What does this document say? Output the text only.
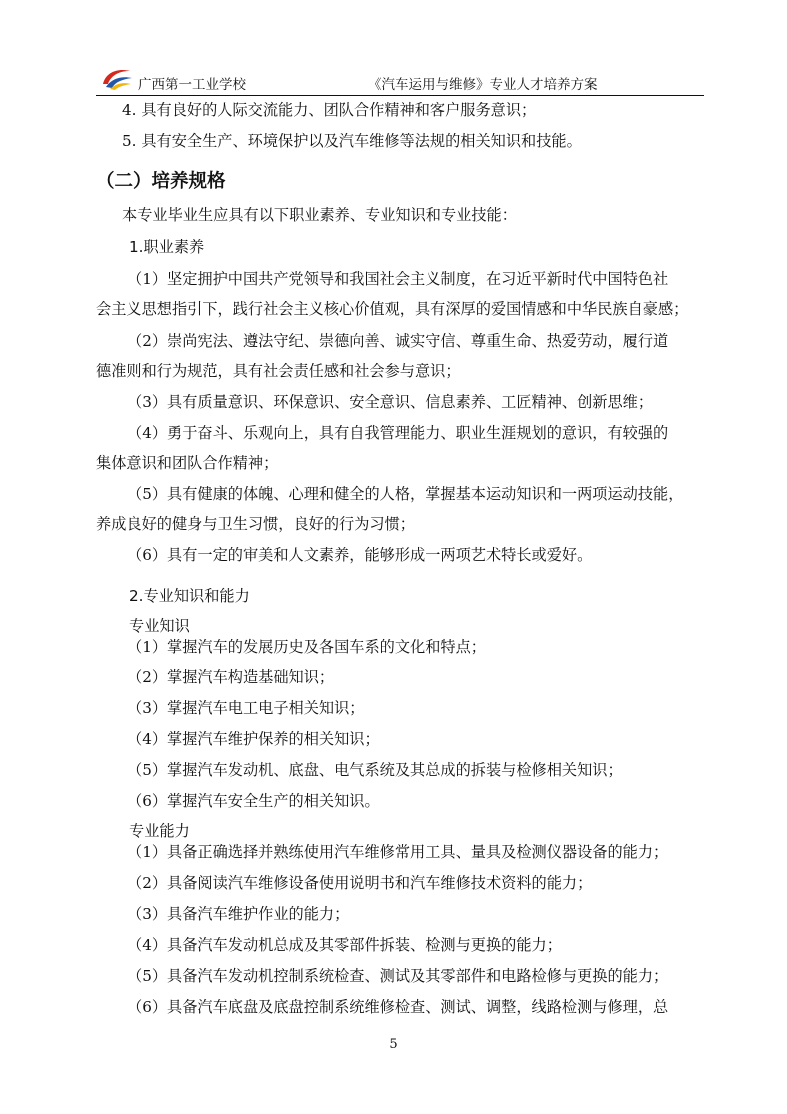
广西第一工业学校	《汽车运用与维修》专业人才培养方案
4. 具有良好的人际交流能力、团队合作精神和客户服务意识；
5. 具有安全生产、环境保护以及汽车维修等法规的相关知识和技能。
（二）培养规格
本专业毕业生应具有以下职业素养、专业知识和专业技能：
1.职业素养
（1）坚定拥护中国共产党领导和我国社会主义制度，在习近平新时代中国特色社
会主义思想指引下，践行社会主义核心价值观，具有深厚的爱国情感和中华民族自豪感；
（2）崇尚宪法、遵法守纪、崇德向善、诚实守信、尊重生命、热爱劳动，履行道
德准则和行为规范，具有社会责任感和社会参与意识；
（3）具有质量意识、环保意识、安全意识、信息素养、工匠精神、创新思维；
（4）勇于奋斗、乐观向上，具有自我管理能力、职业生涯规划的意识，有较强的
集体意识和团队合作精神；
（5）具有健康的体魄、心理和健全的人格，掌握基本运动知识和一两项运动技能，
养成良好的健身与卫生习惯，良好的行为习惯；
（6）具有一定的审美和人文素养，能够形成一两项艺术特长或爱好。
2.专业知识和能力
专业知识
（1）掌握汽车的发展历史及各国车系的文化和特点；
（2）掌握汽车构造基础知识；
（3）掌握汽车电工电子相关知识；
（4）掌握汽车维护保养的相关知识；
（5）掌握汽车发动机、底盘、电气系统及其总成的拆装与检修相关知识；
（6）掌握汽车安全生产的相关知识。
专业能力
（1）具备正确选择并熟练使用汽车维修常用工具、量具及检测仪器设备的能力；
（2）具备阅读汽车维修设备使用说明书和汽车维修技术资料的能力；
（3）具备汽车维护作业的能力；
（4）具备汽车发动机总成及其零部件拆装、检测与更换的能力；
（5）具备汽车发动机控制系统检查、测试及其零部件和电路检修与更换的能力；
（6）具备汽车底盘及底盘控制系统维修检查、测试、调整，线路检测与修理，总
5
